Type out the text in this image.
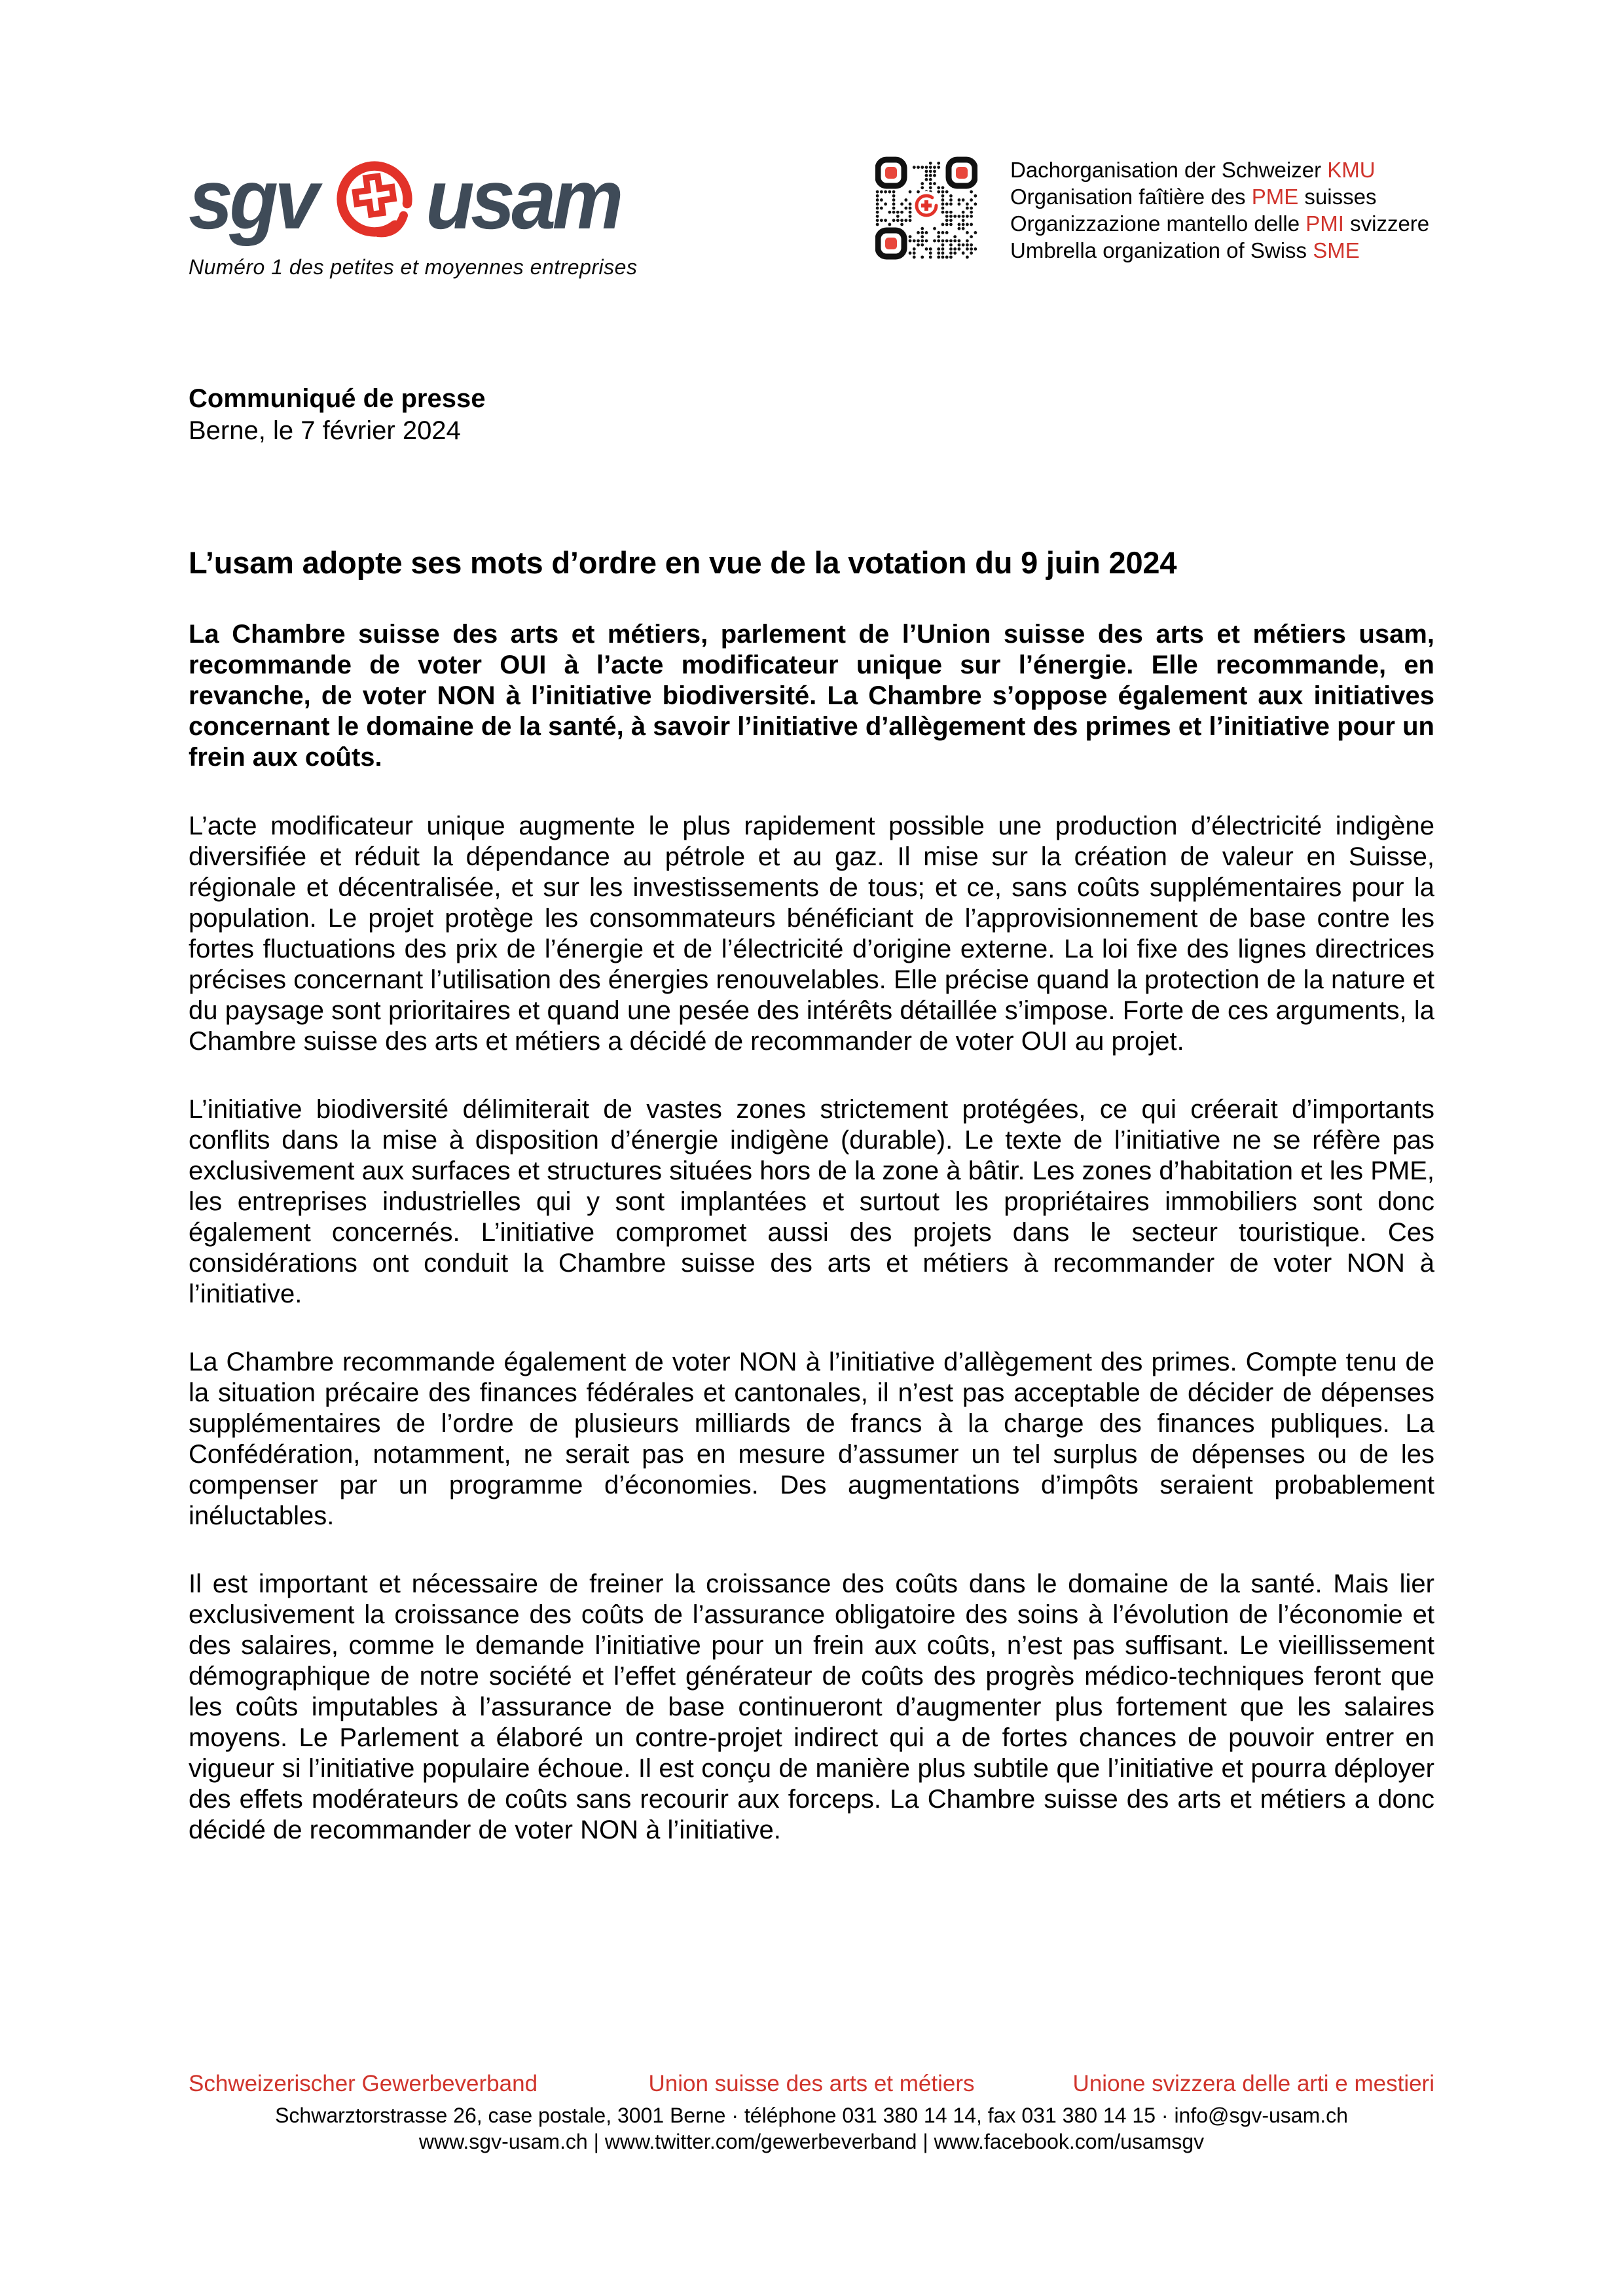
sgv usam
Numéro 1 des petites et moyennes entreprises
Dachorganisation der Schweizer KMU
Organisation faîtière des PME suisses
Organizzazione mantello delle PMI svizzere
Umbrella organization of Swiss SME
Communiqué de presse
Berne, le 7 février 2024
L’usam adopte ses mots d’ordre en vue de la votation du 9 juin 2024

La Chambre suisse des arts et métiers, parlement de l’Union suisse des arts et métiers usam, recommande de voter OUI à l’acte modificateur unique sur l’énergie. Elle recommande, en revanche, de voter NON à l’initiative biodiversité. La Chambre s’oppose également aux initiatives concernant le domaine de la santé, à savoir l’initiative d’allègement des primes et l’initiative pour un frein aux coûts.

L’acte modificateur unique augmente le plus rapidement possible une production d’électricité indigène diversifiée et réduit la dépendance au pétrole et au gaz. Il mise sur la création de valeur en Suisse, régionale et décentralisée, et sur les investissements de tous; et ce, sans coûts supplémentaires pour la population. Le projet protège les consommateurs bénéficiant de l’approvisionnement de base contre les fortes fluctuations des prix de l’énergie et de l’électricité d’origine externe. La loi fixe des lignes directrices précises concernant l’utilisation des énergies renouvelables. Elle précise quand la protection de la nature et du paysage sont prioritaires et quand une pesée des intérêts détaillée s’impose. Forte de ces arguments, la Chambre suisse des arts et métiers a décidé de recommander de voter OUI au projet.

L’initiative biodiversité délimiterait de vastes zones strictement protégées, ce qui créerait d’importants conflits dans la mise à disposition d’énergie indigène (durable). Le texte de l’initiative ne se réfère pas exclusivement aux surfaces et structures situées hors de la zone à bâtir. Les zones d’habitation et les PME, les entreprises industrielles qui y sont implantées et surtout les propriétaires immobiliers sont donc également concernés. L’initiative compromet aussi des projets dans le secteur touristique. Ces considérations ont conduit la Chambre suisse des arts et métiers à recommander de voter NON à l’initiative.

La Chambre recommande également de voter NON à l’initiative d’allègement des primes. Compte tenu de la situation précaire des finances fédérales et cantonales, il n’est pas acceptable de décider de dépenses supplémentaires de l’ordre de plusieurs milliards de francs à la charge des finances publiques. La Confédération, notamment, ne serait pas en mesure d’assumer un tel surplus de dépenses ou de les compenser par un programme d’économies. Des augmentations d’impôts seraient probablement inéluctables.

Il est important et nécessaire de freiner la croissance des coûts dans le domaine de la santé. Mais lier exclusivement la croissance des coûts de l’assurance obligatoire des soins à l’évolution de l’économie et des salaires, comme le demande l’initiative pour un frein aux coûts, n’est pas suffisant. Le vieillissement démographique de notre société et l’effet générateur de coûts des progrès médico-techniques feront que les coûts imputables à l’assurance de base continueront d’augmenter plus fortement que les salaires moyens. Le Parlement a élaboré un contre-projet indirect qui a de fortes chances de pouvoir entrer en vigueur si l’initiative populaire échoue. Il est conçu de manière plus subtile que l’initiative et pourra déployer des effets modérateurs de coûts sans recourir aux forceps. La Chambre suisse des arts et métiers a donc décidé de recommander de voter NON à l’initiative.

Schweizerischer Gewerbeverband	Union suisse des arts et métiers	Unione svizzera delle arti e mestieri
Schwarztorstrasse 26, case postale, 3001 Berne · téléphone 031 380 14 14, fax 031 380 14 15 · info@sgv-usam.ch
www.sgv-usam.ch | www.twitter.com/gewerbeverband | www.facebook.com/usamsgv
